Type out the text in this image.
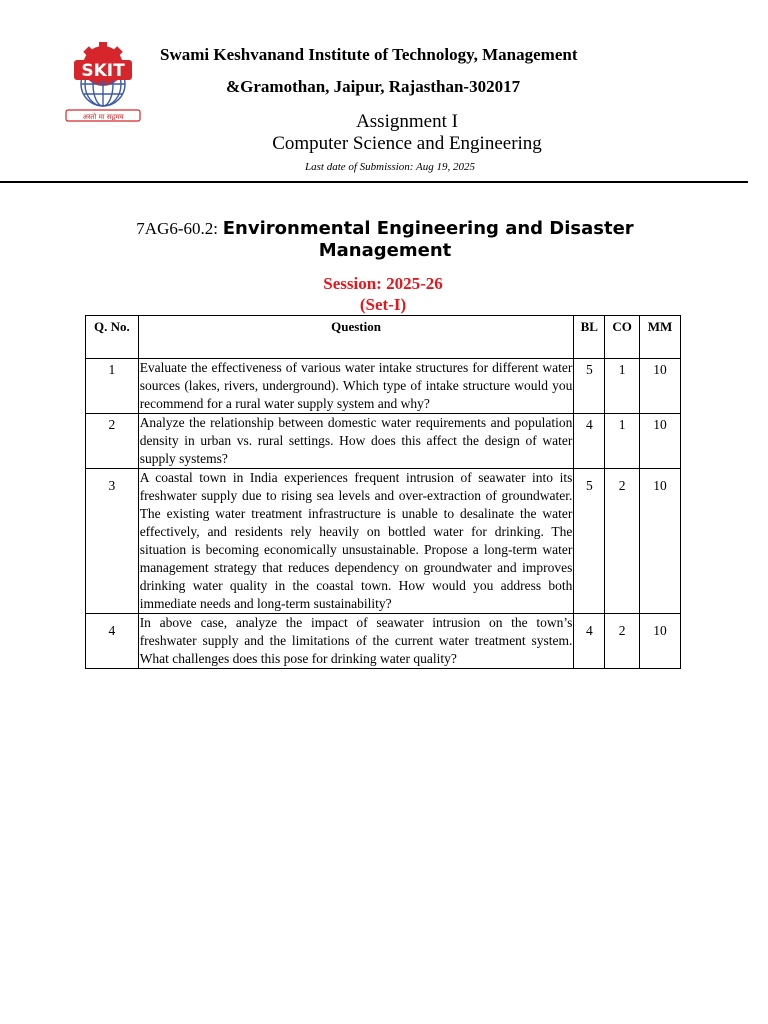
SKIT
अस्तो मा सद्गमय
Swami Keshvanand Institute of Technology, Management
&Gramothan, Jaipur, Rajasthan-302017
Assignment I
Computer Science and Engineering
Last date of Submission: Aug 19, 2025
7AG6-60.2: Environmental Engineering and Disaster Management
Session: 2025-26
(Set-I)
Q. No.	Question	BL	CO	MM
1	Evaluate the effectiveness of various water intake structures for different water sources (lakes, rivers, underground). Which type of intake structure would you recommend for a rural water supply system and why?	5	1	10
2	Analyze the relationship between domestic water requirements and population density in urban vs. rural settings. How does this affect the design of water supply systems?	4	1	10
3	A coastal town in India experiences frequent intrusion of seawater into its freshwater supply due to rising sea levels and over-extraction of groundwater. The existing water treatment infrastructure is unable to desalinate the water effectively, and residents rely heavily on bottled water for drinking. The situation is becoming economically unsustainable. Propose a long-term water management strategy that reduces dependency on groundwater and improves drinking water quality in the coastal town. How would you address both immediate needs and long-term sustainability?	5	2	10
4	In above case, analyze the impact of seawater intrusion on the town’s freshwater supply and the limitations of the current water treatment system. What challenges does this pose for drinking water quality?	4	2	10
